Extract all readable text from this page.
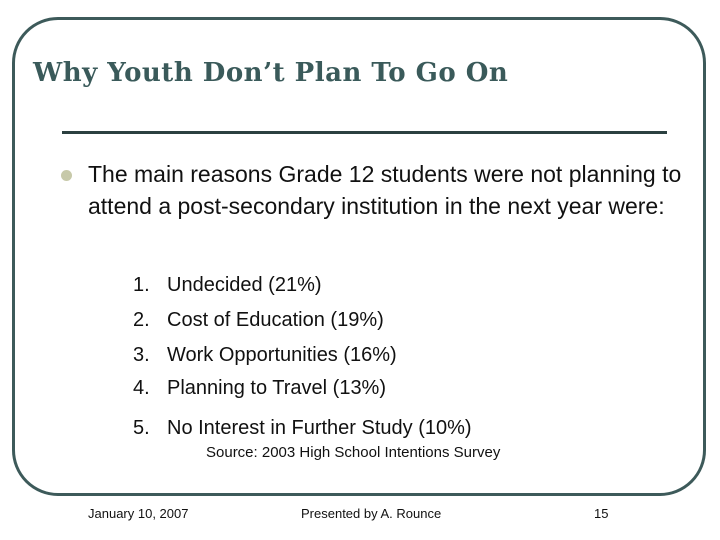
Why Youth Don’t Plan To Go On
The main reasons Grade 12 students were not planning to attend a post-secondary institution in the next year were:
1. Undecided (21%)
2. Cost of Education (19%)
3. Work Opportunities (16%)
4. Planning to Travel (13%)
5. No Interest in Further Study (10%)
Source: 2003 High School Intentions Survey
January 10, 2007	Presented by A. Rounce	15
